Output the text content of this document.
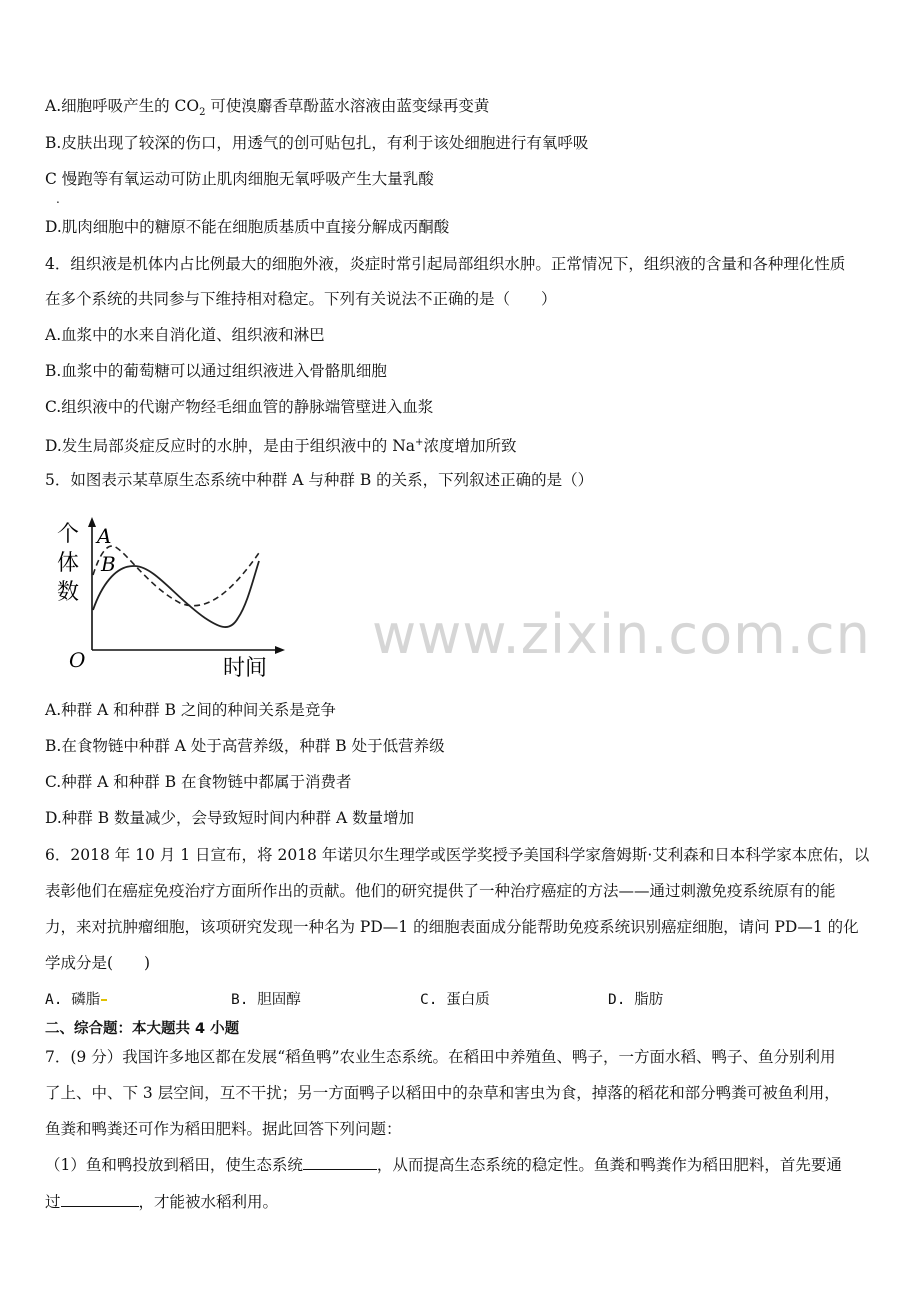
A.细胞呼吸产生的 $CO_2$ 可使溴麝香草酚蓝水溶液由蓝变绿再变黄
B.皮肤出现了较深的伤口，用透气的创可贴包扎，有利于该处细胞进行有氧呼吸
C 慢跑等有氧运动可防止肌肉细胞无氧呼吸产生大量乳酸
.
D.肌肉细胞中的糖原不能在细胞质基质中直接分解成丙酮酸
4．组织液是机体内占比例最大的细胞外液，炎症时常引起局部组织水肿。正常情况下，组织液的含量和各种理化性质
在多个系统的共同参与下维持相对稳定。下列有关说法不正确的是（　　）
A.血浆中的水来自消化道、组织液和淋巴
B.血浆中的葡萄糖可以通过组织液进入骨骼肌细胞
C.组织液中的代谢产物经毛细血管的静脉端管壁进入血浆
D.发生局部炎症反应时的水肿，是由于组织液中的 Na+浓度增加所致
5．如图表示某草原生态系统中种群 A 与种群 B 的关系，下列叙述正确的是（）
个
体
数
A
B
O	时间
www.zixin.com.cn
A.种群 A 和种群 B 之间的种间关系是竞争
B.在食物链中种群 A 处于高营养级，种群 B 处于低营养级
C.种群 A 和种群 B 在食物链中都属于消费者
D.种群 B 数量减少，会导致短时间内种群 A 数量增加
6．2018 年 10 月 1 日宣布，将 2018 年诺贝尔生理学或医学奖授予美国科学家詹姆斯·艾利森和日本科学家本庶佑，以
表彰他们在癌症免疫治疗方面所作出的贡献。他们的研究提供了一种治疗癌症的方法——通过刺激免疫系统原有的能
力，来对抗肿瘤细胞，该项研究发现一种名为 PD—1 的细胞表面成分能帮助免疫系统识别癌症细胞，请问 PD—1 的化
学成分是(　　)
A. 磷脂	B. 胆固醇	C. 蛋白质	D. 脂肪
二、综合题：本大题共 4 小题
7．(9 分）我国许多地区都在发展“稻鱼鸭”农业生态系统。在稻田中养殖鱼、鸭子，一方面水稻、鸭子、鱼分别利用
了上、中、下 3 层空间，互不干扰；另一方面鸭子以稻田中的杂草和害虫为食，掉落的稻花和部分鸭粪可被鱼利用，
鱼粪和鸭粪还可作为稻田肥料。据此回答下列问题：
（1）鱼和鸭投放到稻田，使生态系统	，从而提高生态系统的稳定性。鱼粪和鸭粪作为稻田肥料，首先要通
过	，才能被水稻利用。
